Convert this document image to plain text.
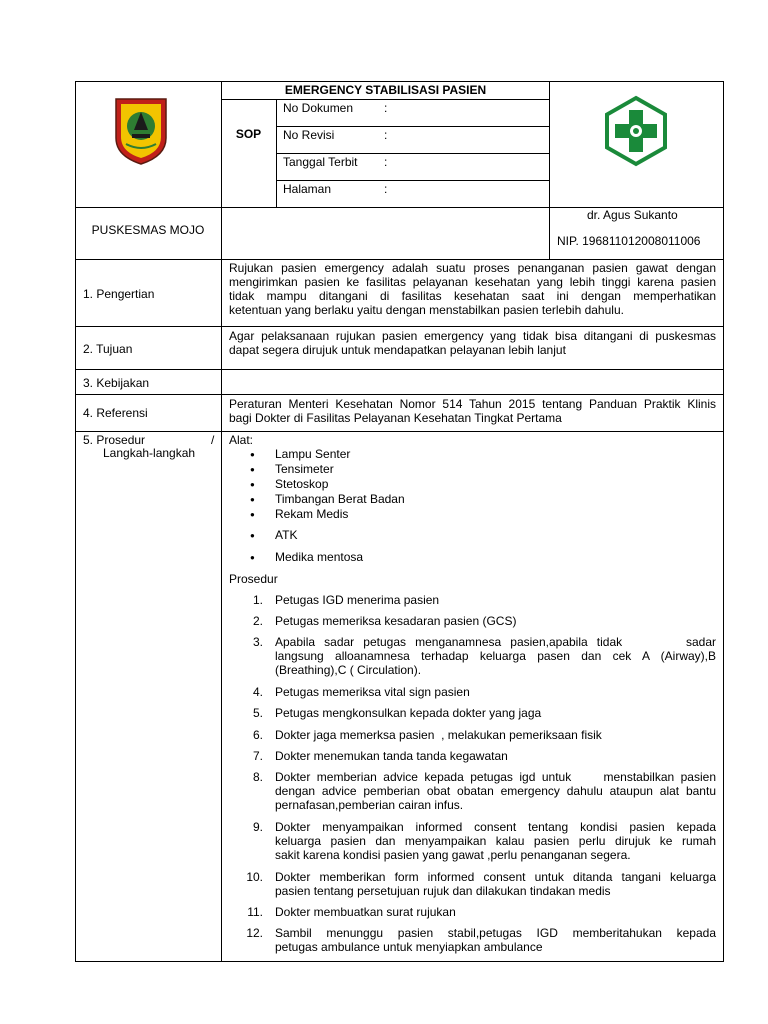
EMERGENCY STABILISASI PASIEN
SOP
No Dokumen	:
No Revisi	:
Tanggal Terbit :
Halaman	:
PUSKESMAS MOJO
dr. Agus Sukanto
NIP. 196811012008011006
1. Pengertian
Rujukan pasien emergency adalah suatu proses penanganan pasien gawat dengan
mengirimkan pasien ke fasilitas pelayanan kesehatan yang lebih tinggi karena pasien
tidak mampu ditangani di fasilitas kesehatan saat ini dengan memperhatikan
ketentuan yang berlaku yaitu dengan menstabilkan pasien terlebih dahulu.
2. Tujuan
Agar pelaksanaan rujukan pasien emergency yang tidak bisa ditangani di puskesmas
dapat segera dirujuk untuk mendapatkan pelayanan lebih lanjut
3. Kebijakan
4. Referensi
Peraturan Menteri Kesehatan Nomor 514 Tahun 2015 tentang Panduan Praktik Klinis
bagi Dokter di Fasilitas Pelayanan Kesehatan Tingkat Pertama
5. Prosedur	/
Langkah-langkah
Alat:
● Lampu Senter
● Tensimeter
● Stetoskop
● Timbangan Berat Badan
● Rekam Medis
● ATK
● Medika mentosa
Prosedur
1. Petugas IGD menerima pasien
2. Petugas memeriksa kesadaran pasien (GCS)
3. Apabila sadar petugas menganamnesa pasien,apabila tidak       sadar
langsung alloanamnesa terhadap keluarga pasen dan cek A (Airway),B
(Breathing),C ( Circulation).
4. Petugas memeriksa vital sign pasien
5. Petugas mengkonsulkan kepada dokter yang jaga
6. Dokter jaga memerksa pasien  , melakukan pemeriksaan fisik
7. Dokter menemukan tanda tanda kegawatan
8. Dokter memberian advice kepada petugas igd untuk     menstabilkan pasien
dengan advice pemberian obat obatan emergency dahulu ataupun alat bantu
pernafasan,pemberian cairan infus.
9. Dokter menyampaikan informed consent tentang kondisi pasien kepada
keluarga pasien dan menyampaikan kalau pasien perlu dirujuk ke rumah
sakit karena kondisi pasien yang gawat ,perlu penanganan segera.
10. Dokter memberikan form informed consent untuk ditanda tangani keluarga
pasien tentang persetujuan rujuk dan dilakukan tindakan medis
11. Dokter membuatkan surat rujukan
12. Sambil menunggu pasien stabil,petugas IGD memberitahukan kepada
petugas ambulance untuk menyiapkan ambulance
